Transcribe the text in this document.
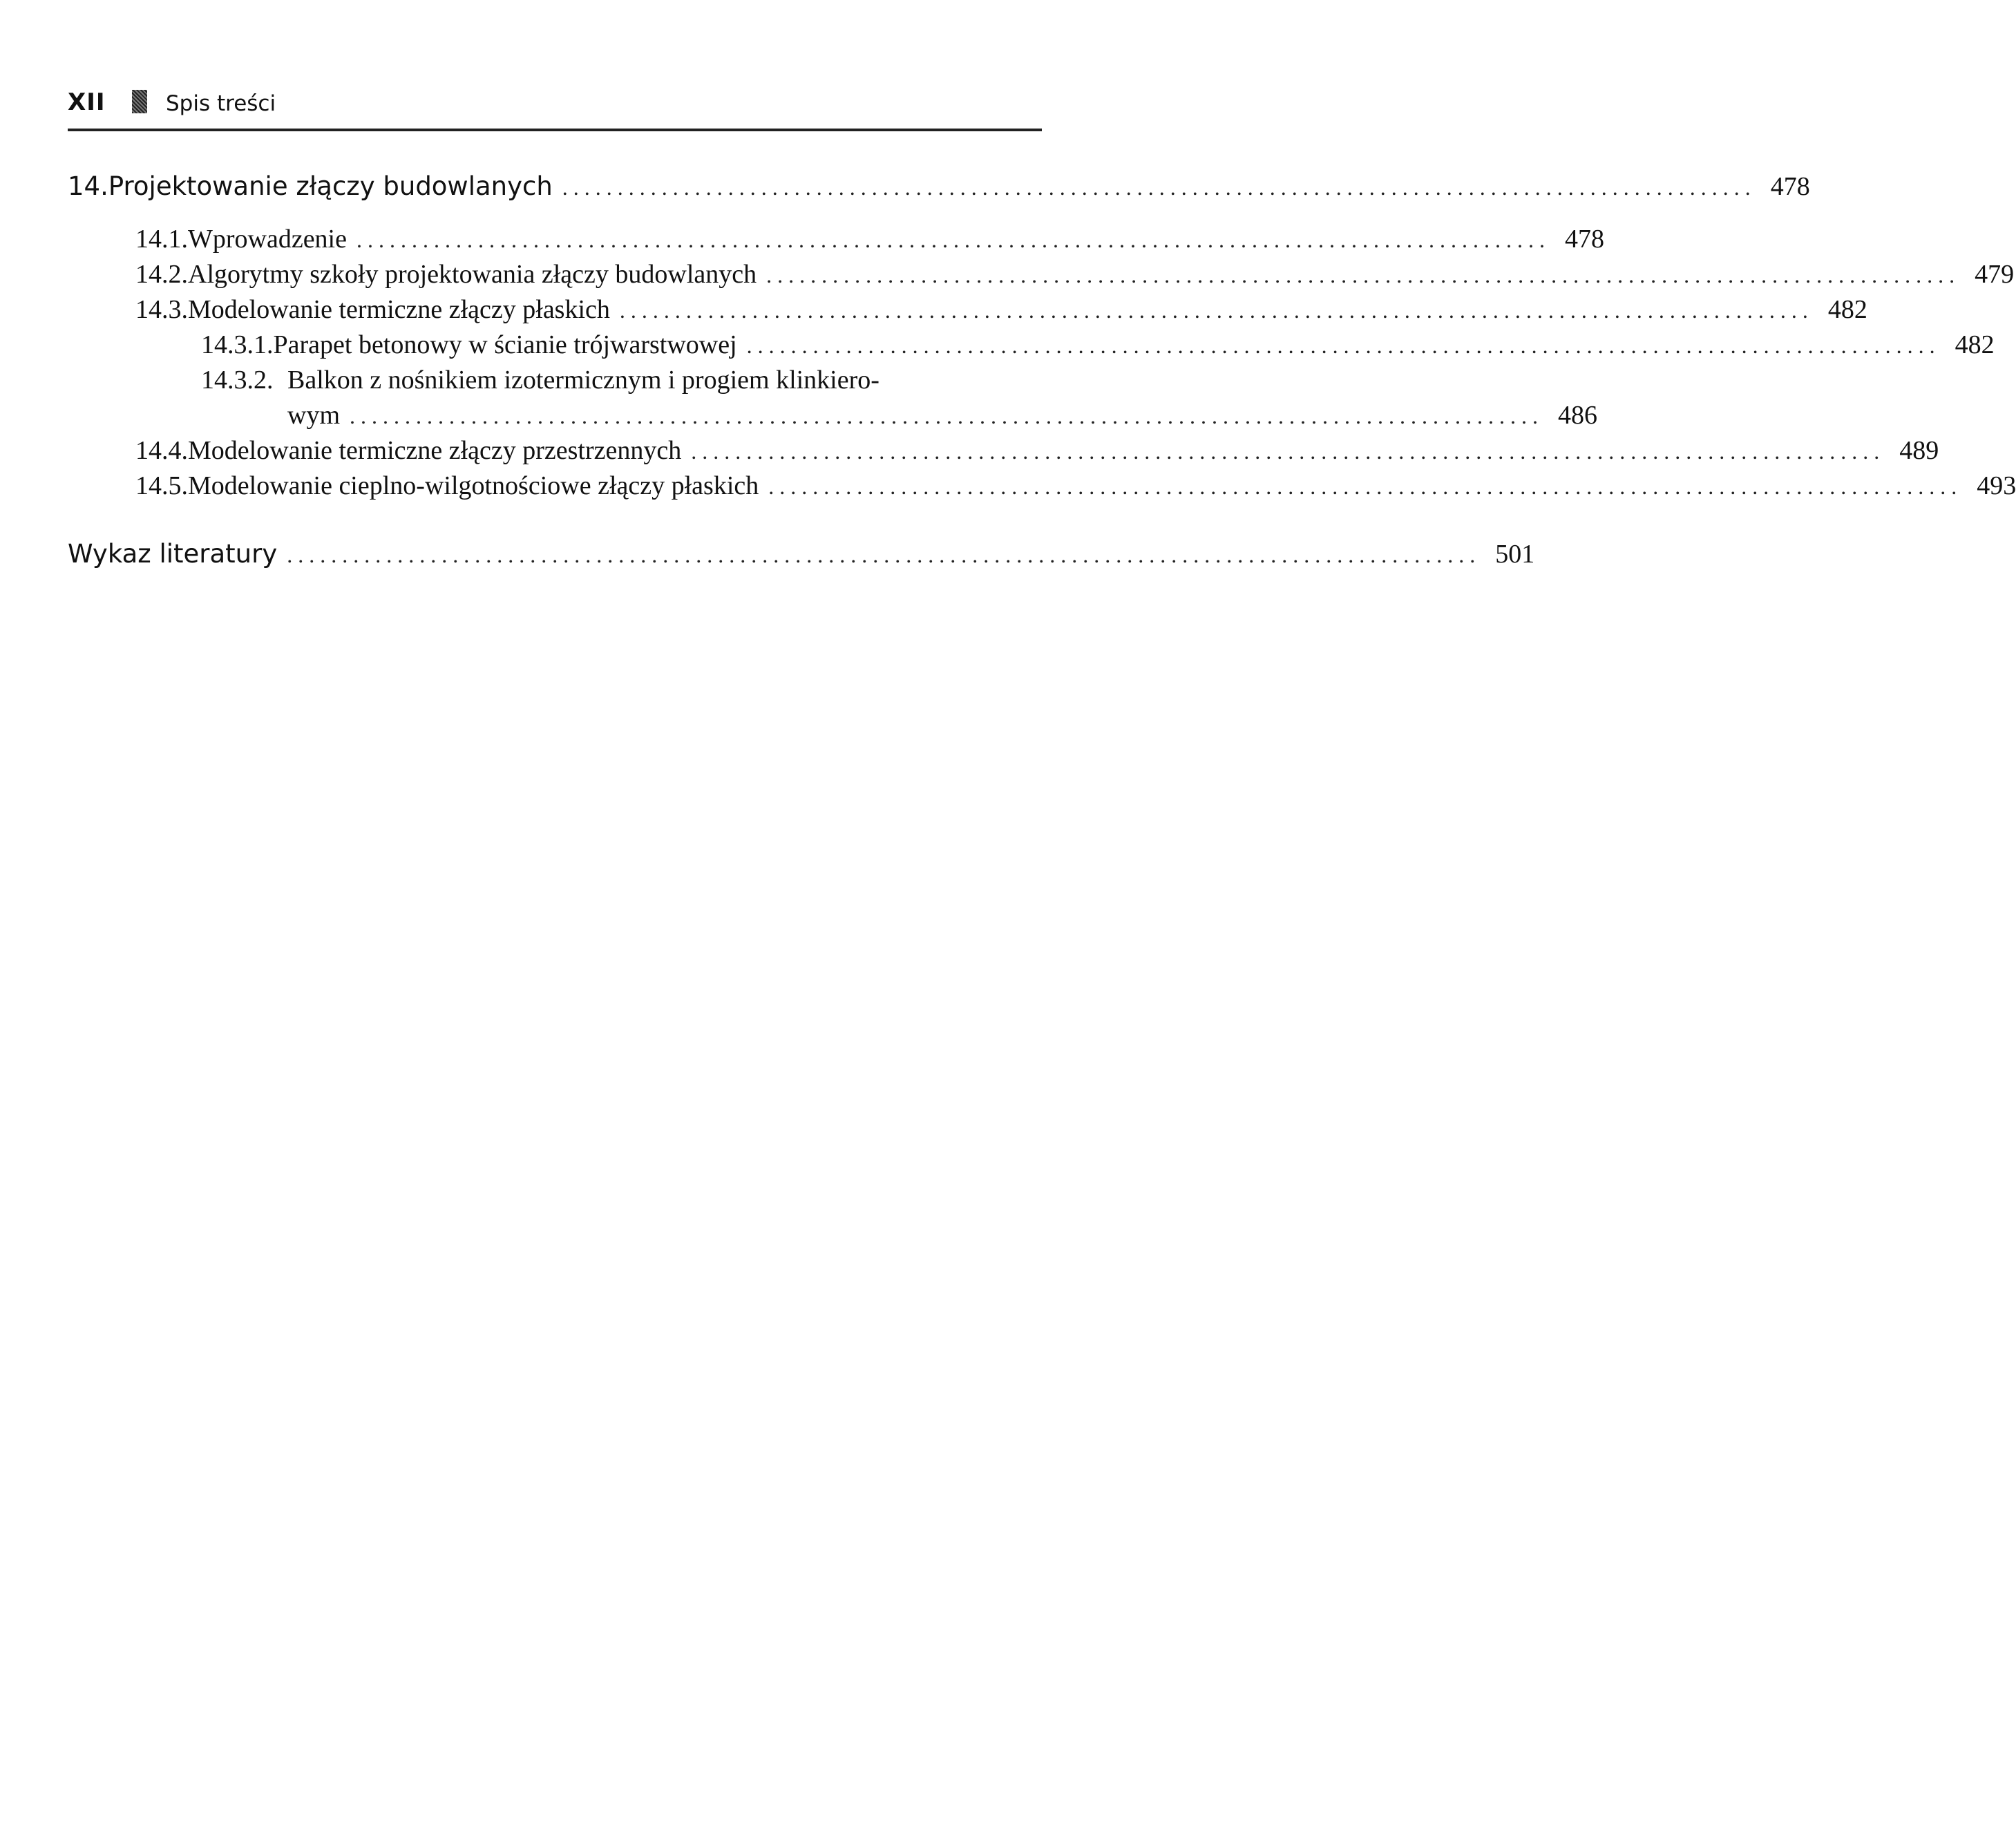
XII	Spis treści
14. Projektowanie złączy budowlanych ............................................................................................................ 478
14.1. Wprowadzenie ............................................................................................................ 478
14.2. Algorytmy szkoły projektowania złączy budowlanych ............................................................................................................ 479
14.3. Modelowanie termiczne złączy płaskich ............................................................................................................ 482
14.3.1. Parapet betonowy w ścianie trójwarstwowej ............................................................................................................ 482
14.3.2. Balkon z nośnikiem izotermicznym i progiem klinkiero-
wym ............................................................................................................ 486
14.4. Modelowanie termiczne złączy przestrzennych ............................................................................................................ 489
14.5. Modelowanie cieplno-wilgotnościowe złączy płaskich ............................................................................................................ 493
Wykaz literatury ............................................................................................................ 501
